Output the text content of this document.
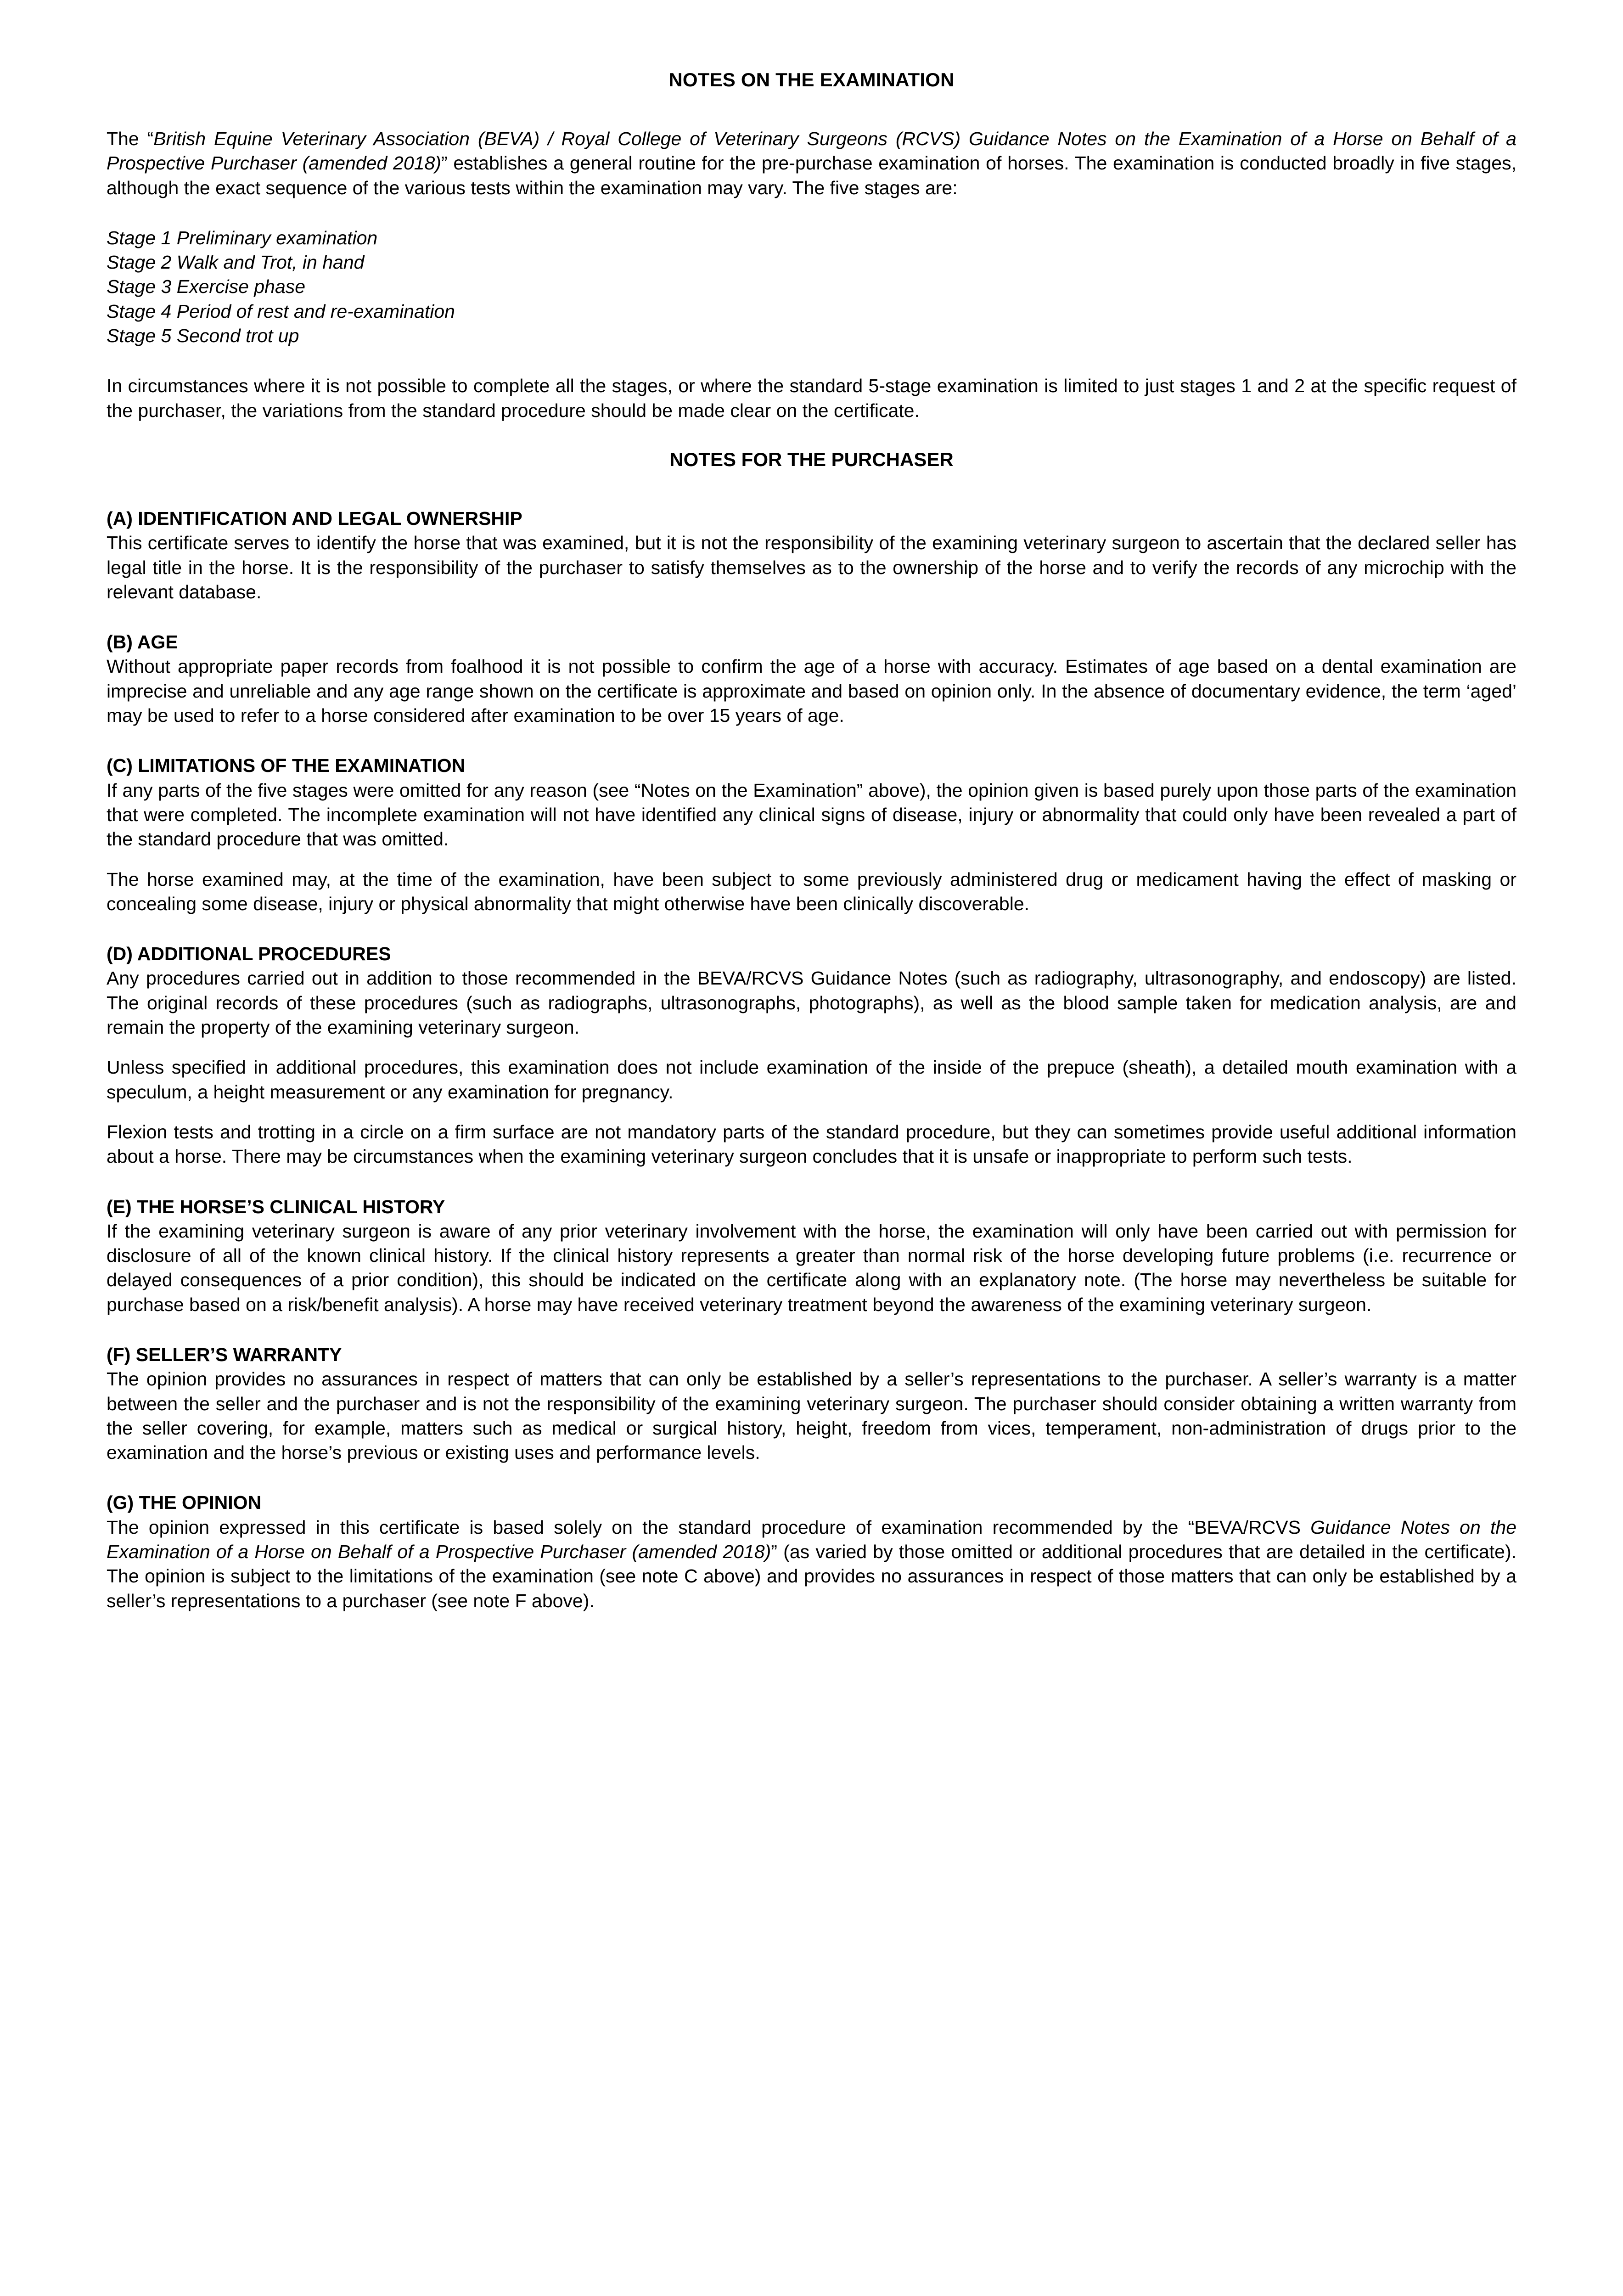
NOTES ON THE EXAMINATION

The “British Equine Veterinary Association (BEVA) / Royal College of Veterinary Surgeons (RCVS) Guidance Notes on the Examination of a Horse on Behalf of a Prospective Purchaser (amended 2018)” establishes a general routine for the pre-purchase examination of horses. The examination is conducted broadly in five stages, although the exact sequence of the various tests within the examination may vary. The five stages are:

Stage 1 Preliminary examination
Stage 2 Walk and Trot, in hand
Stage 3 Exercise phase
Stage 4 Period of rest and re-examination
Stage 5 Second trot up

In circumstances where it is not possible to complete all the stages, or where the standard 5-stage examination is limited to just stages 1 and 2 at the specific request of the purchaser, the variations from the standard procedure should be made clear on the certificate.

NOTES FOR THE PURCHASER

(A) IDENTIFICATION AND LEGAL OWNERSHIP

This certificate serves to identify the horse that was examined, but it is not the responsibility of the examining veterinary surgeon to ascertain that the declared seller has legal title in the horse. It is the responsibility of the purchaser to satisfy themselves as to the ownership of the horse and to verify the records of any microchip with the relevant database.

(B) AGE

Without appropriate paper records from foalhood it is not possible to confirm the age of a horse with accuracy. Estimates of age based on a dental examination are imprecise and unreliable and any age range shown on the certificate is approximate and based on opinion only. In the absence of documentary evidence, the term ‘aged’ may be used to refer to a horse considered after examination to be over 15 years of age.

(C) LIMITATIONS OF THE EXAMINATION

If any parts of the five stages were omitted for any reason (see “Notes on the Examination” above), the opinion given is based purely upon those parts of the examination that were completed. The incomplete examination will not have identified any clinical signs of disease, injury or abnormality that could only have been revealed a part of the standard procedure that was omitted.

The horse examined may, at the time of the examination, have been subject to some previously administered drug or medicament having the effect of masking or concealing some disease, injury or physical abnormality that might otherwise have been clinically discoverable.

(D) ADDITIONAL PROCEDURES

Any procedures carried out in addition to those recommended in the BEVA/RCVS Guidance Notes (such as radiography, ultrasonography, and endoscopy) are listed. The original records of these procedures (such as radiographs, ultrasonographs, photographs), as well as the blood sample taken for medication analysis, are and remain the property of the examining veterinary surgeon.

Unless specified in additional procedures, this examination does not include examination of the inside of the prepuce (sheath), a detailed mouth examination with a speculum, a height measurement or any examination for pregnancy.

Flexion tests and trotting in a circle on a firm surface are not mandatory parts of the standard procedure, but they can sometimes provide useful additional information about a horse. There may be circumstances when the examining veterinary surgeon concludes that it is unsafe or inappropriate to perform such tests.

(E) THE HORSE’S CLINICAL HISTORY

If the examining veterinary surgeon is aware of any prior veterinary involvement with the horse, the examination will only have been carried out with permission for disclosure of all of the known clinical history. If the clinical history represents a greater than normal risk of the horse developing future problems (i.e. recurrence or delayed consequences of a prior condition), this should be indicated on the certificate along with an explanatory note. (The horse may nevertheless be suitable for purchase based on a risk/benefit analysis). A horse may have received veterinary treatment beyond the awareness of the examining veterinary surgeon.

(F) SELLER’S WARRANTY

The opinion provides no assurances in respect of matters that can only be established by a seller’s representations to the purchaser. A seller’s warranty is a matter between the seller and the purchaser and is not the responsibility of the examining veterinary surgeon. The purchaser should consider obtaining a written warranty from the seller covering, for example, matters such as medical or surgical history, height, freedom from vices, temperament, non-administration of drugs prior to the examination and the horse’s previous or existing uses and performance levels.

(G) THE OPINION

The opinion expressed in this certificate is based solely on the standard procedure of examination recommended by the “BEVA/RCVS Guidance Notes on the Examination of a Horse on Behalf of a Prospective Purchaser (amended 2018)” (as varied by those omitted or additional procedures that are detailed in the certificate). The opinion is subject to the limitations of the examination (see note C above) and provides no assurances in respect of those matters that can only be established by a seller’s representations to a purchaser (see note F above).
